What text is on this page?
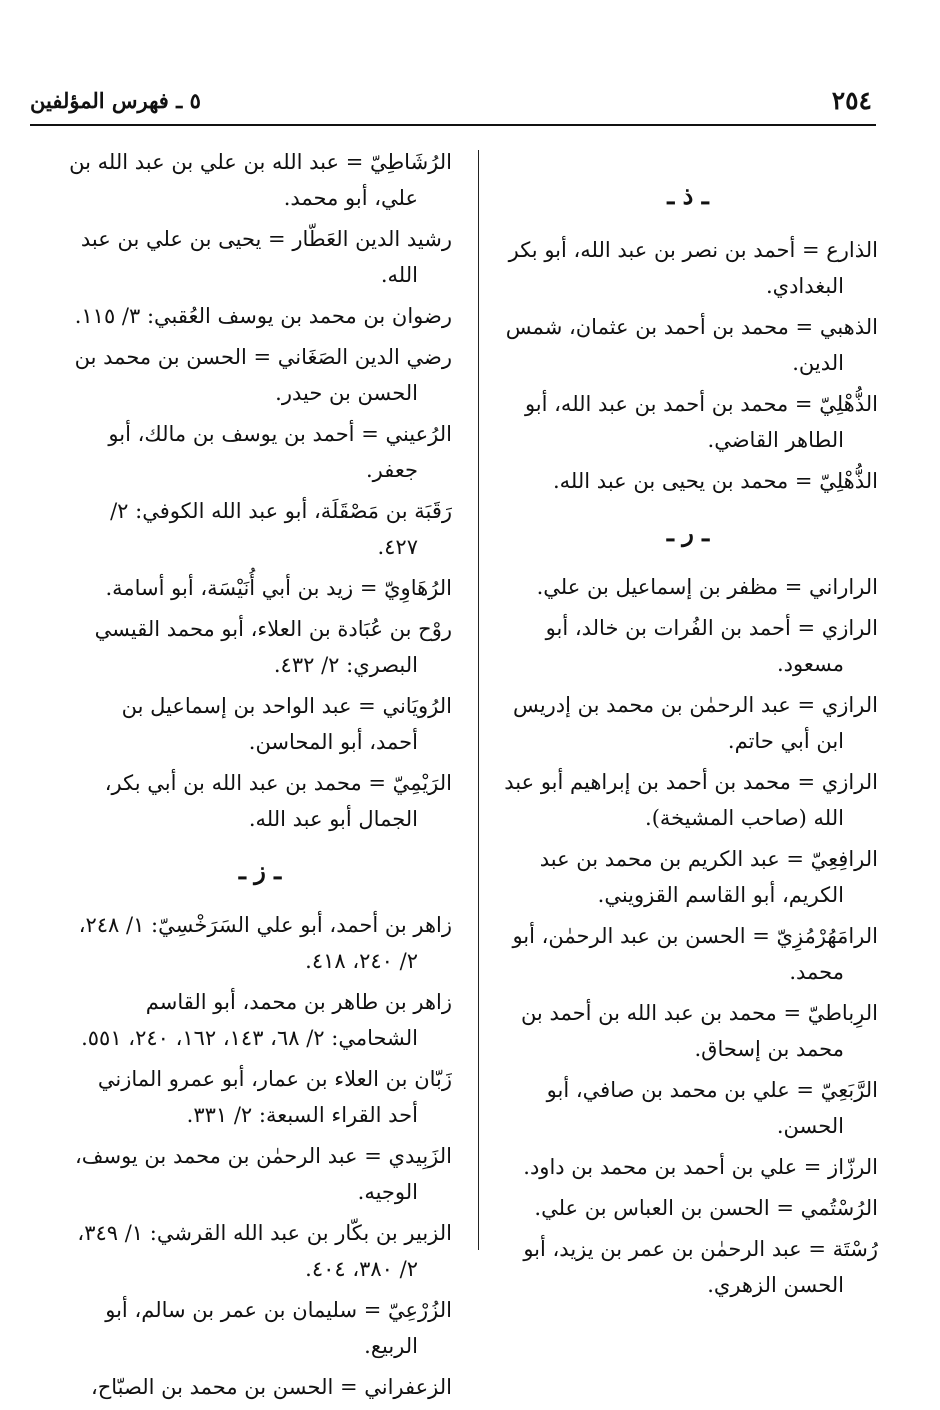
٢٥٤
٥ ـ فهرس المؤلفين
ـ ذ ـ
الذارع = أحمد بن نصر بن عبد الله، أبو بكر البغدادي.
الذهبي = محمد بن أحمد بن عثمان، شمس الدين.
الذُّهْلِيّ = محمد بن أحمد بن عبد الله، أبو الطاهر القاضي.
الذُّهْلِيّ = محمد بن يحيى بن عبد الله.
ـ ر ـ
الراراني = مظفر بن إسماعيل بن علي.
الرازي = أحمد بن الفُرات بن خالد، أبو مسعود.
الرازي = عبد الرحمٰن بن محمد بن إدريس ابن أبي حاتم.
الرازي = محمد بن أحمد بن إبراهيم أبو عبد الله (صاحب المشيخة).
الرافِعِيّ = عبد الكريم بن محمد بن عبد الكريم، أبو القاسم القزويني.
الرامَهُرْمُزِيّ = الحسن بن عبد الرحمٰن، أبو محمد.
الرِباطيّ = محمد بن عبد الله بن أحمد بن محمد بن إسحاق.
الرَّبَعِيّ = علي بن محمد بن صافي، أبو الحسن.
الرزّاز = علي بن أحمد بن محمد بن داود.
الرُسْتُمي = الحسن بن العباس بن علي.
رُسْتَة = عبد الرحمٰن بن عمر بن يزيد، أبو الحسن الزهري.
الرُشَاطِيّ = عبد الله بن علي بن عبد الله بن علي، أبو محمد.
رشيد الدين العَطّار = يحيى بن علي بن عبد الله.
رضوان بن محمد بن يوسف العُقبي: ٣/ ١١٥.
رضي الدين الصَغَاني = الحسن بن محمد بن الحسن بن حيدر.
الرُعيني = أحمد بن يوسف بن مالك، أبو جعفر.
رَقَبَة بن مَصْقَلَة، أبو عبد الله الكوفي: ٢/ ٤٢٧.
الرُهَاوِيّ = زيد بن أبي أُنَيْسَة، أبو أسامة.
روْح بن عُبَادة بن العلاء، أبو محمد القيسي البصري: ٢/ ٤٣٢.
الرُويَاني = عبد الواحد بن إسماعيل بن أحمد، أبو المحاسن.
الرَيْمِيّ = محمد بن عبد الله بن أبي بكر، الجمال أبو عبد الله.
ـ ز ـ
زاهر بن أحمد، أبو علي السَرَخْسِيّ: ١/ ٢٤٨، ٢/ ٢٤٠، ٤١٨.
زاهر بن طاهر بن محمد، أبو القاسم الشحامي: ٢/ ٦٨، ١٤٣، ١٦٢، ٢٤٠، ٥٥١.
زَبّان بن العلاء بن عمار، أبو عمرو المازني أحد القراء السبعة: ٢/ ٣٣١.
الزَبِيدي = عبد الرحمٰن بن محمد بن يوسف، الوجيه.
الزبير بن بكّار بن عبد الله القرشي: ١/ ٣٤٩، ٢/ ٣٨٠، ٤٠٤.
الزُرْعِيّ = سليمان بن عمر بن سالم، أبو الربيع.
الزعفراني = الحسن بن محمد بن الصبّاح،
